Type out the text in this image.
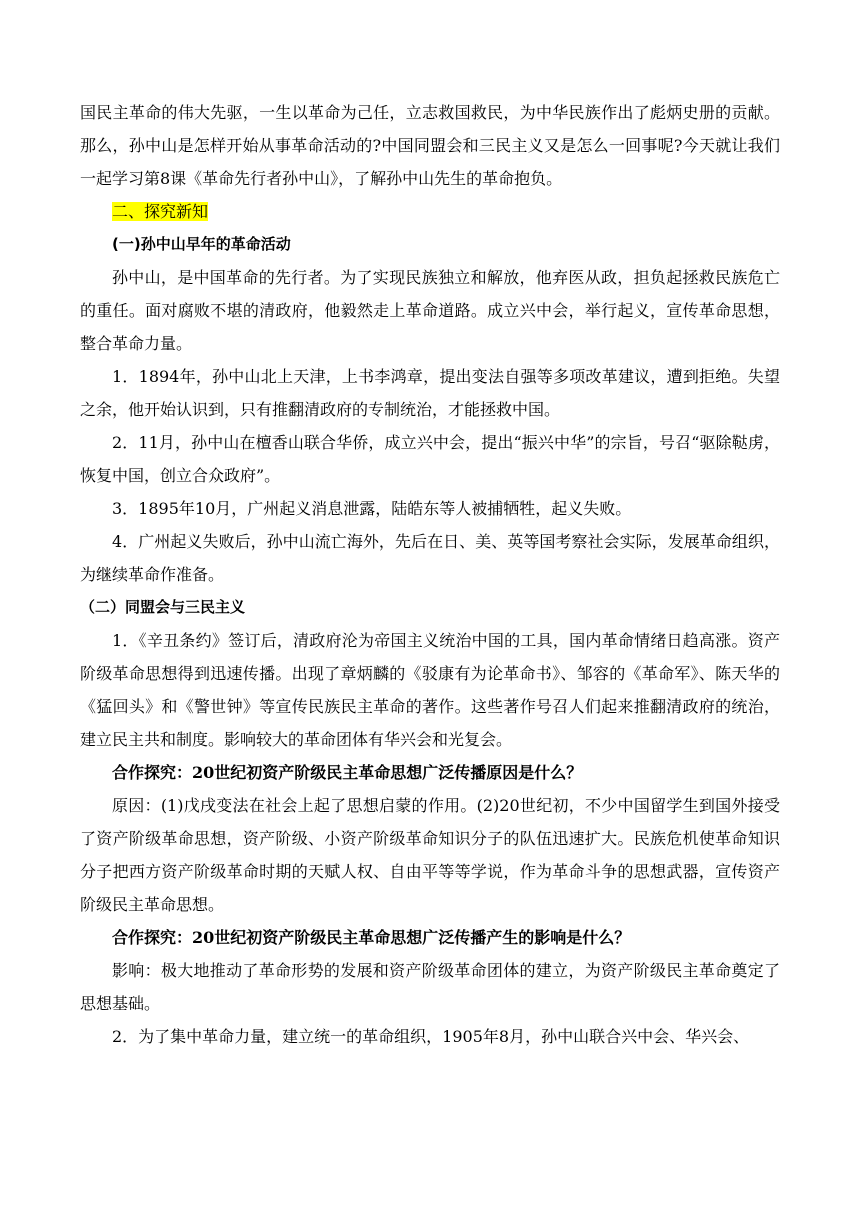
国民主革命的伟大先驱，一生以革命为己任，立志救国救民，为中华民族作出了彪炳史册的贡献。那么，孙中山是怎样开始从事革命活动的?中国同盟会和三民主义又是怎么一回事呢?今天就让我们一起学习第8课《革命先行者孙中山》，了解孙中山先生的革命抱负。

二、探究新知

(一)孙中山早年的革命活动

孙中山，是中国革命的先行者。为了实现民族独立和解放，他弃医从政，担负起拯救民族危亡的重任。面对腐败不堪的清政府，他毅然走上革命道路。成立兴中会，举行起义，宣传革命思想，整合革命力量。

1．1894年，孙中山北上天津，上书李鸿章，提出变法自强等多项改革建议，遭到拒绝。失望之余，他开始认识到，只有推翻清政府的专制统治，才能拯救中国。

2．11月，孙中山在檀香山联合华侨，成立兴中会，提出“振兴中华”的宗旨，号召“驱除鞑虏，恢复中国，创立合众政府”。

3．1895年10月，广州起义消息泄露，陆皓东等人被捕牺牲，起义失败。

4．广州起义失败后，孙中山流亡海外，先后在日、美、英等国考察社会实际，发展革命组织，为继续革命作准备。

（二）同盟会与三民主义

1．《辛丑条约》签订后，清政府沦为帝国主义统治中国的工具，国内革命情绪日趋高涨。资产阶级革命思想得到迅速传播。出现了章炳麟的《驳康有为论革命书》、邹容的《革命军》、陈天华的《猛回头》和《警世钟》等宣传民族民主革命的著作。这些著作号召人们起来推翻清政府的统治，建立民主共和制度。影响较大的革命团体有华兴会和光复会。

合作探究：20世纪初资产阶级民主革命思想广泛传播原因是什么？

原因：(1)戊戌变法在社会上起了思想启蒙的作用。(2)20世纪初，不少中国留学生到国外接受了资产阶级革命思想，资产阶级、小资产阶级革命知识分子的队伍迅速扩大。民族危机使革命知识分子把西方资产阶级革命时期的天赋人权、自由平等等学说，作为革命斗争的思想武器，宣传资产阶级民主革命思想。

合作探究：20世纪初资产阶级民主革命思想广泛传播产生的影响是什么？

影响：极大地推动了革命形势的发展和资产阶级革命团体的建立，为资产阶级民主革命奠定了思想基础。

2．为了集中革命力量，建立统一的革命组织，1905年8月，孙中山联合兴中会、华兴会、
